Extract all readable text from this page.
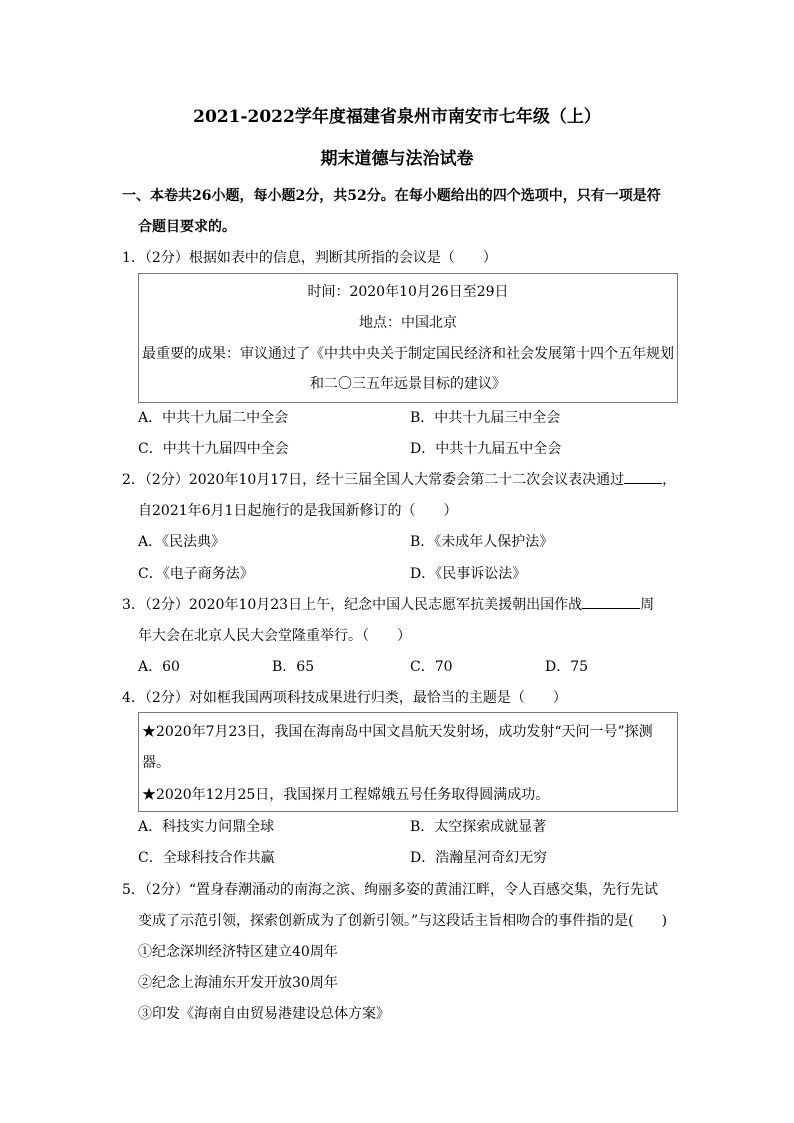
2021-2022学年度福建省泉州市南安市七年级（上）
期末道德与法治试卷
一、本卷共26小题，每小题2分，共52分。在每小题给出的四个选项中，只有一项是符
合题目要求的。
1．（2分）根据如表中的信息，判断其所指的会议是（　　）
时间：2020年10月26日至29日
地点：中国北京
最重要的成果：审议通过了《中共中央关于制定国民经济和社会发展第十四个五年规划
和二〇三五年远景目标的建议》
A．中共十九届二中全会	B．中共十九届三中全会
C．中共十九届四中全会	D．中共十九届五中全会
2．（2分）2020年10月17日，经十三届全国人大常委会第二十二次会议表决通过	，
自2021年6月1日起施行的是我国新修订的（　　）
A．《民法典》	B．《未成年人保护法》
C．《电子商务法》	D．《民事诉讼法》
3．（2分）2020年10月23日上午，纪念中国人民志愿军抗美援朝出国作战	周
年大会在北京人民大会堂隆重举行。（　　）
A．60	B．65	C．70	D．75
4．（2分）对如框我国两项科技成果进行归类，最恰当的主题是（　　）
★2020年7月23日，我国在海南岛中国文昌航天发射场，成功发射“天问一号”探测
器。
★2020年12月25日，我国探月工程嫦娥五号任务取得圆满成功。
A．科技实力问鼎全球	B．太空探索成就显著
C．全球科技合作共赢	D．浩瀚星河奇幻无穷
5．（2分）“置身春潮涌动的南海之滨、绚丽多姿的黄浦江畔，令人百感交集，先行先试
变成了示范引领，探索创新成为了创新引领。”与这段话主旨相吻合的事件指的是(　　)
①纪念深圳经济特区建立40周年
②纪念上海浦东开发开放30周年
③印发《海南自由贸易港建设总体方案》
